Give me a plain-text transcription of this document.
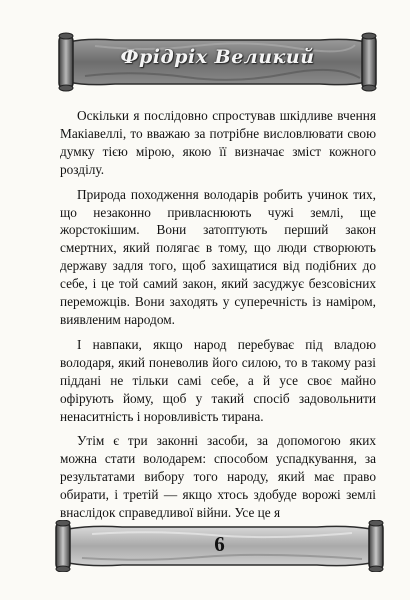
Фрідріх Великий

Оскільки я послідовно спростував шкідливе вчення Макіавеллі, то вважаю за потрібне висловлювати свою думку тією мірою, якою її визначає зміст кожного розділу.

Природа походження володарів робить учинок тих, що незаконно привласнюють чужі землі, ще жорстокішим. Вони затоптують перший закон смертних, який полягає в тому, що люди створюють державу задля того, щоб захищатися від подібних до себе, і це той самий закон, який засуджує безсовісних переможців. Вони заходять у суперечність із наміром, виявленим народом.

І навпаки, якщо народ перебуває під владою володаря, який поневолив його силою, то в такому разі піддані не тільки самі себе, а й усе своє майно офірують йому, щоб у такий спосіб задовольнити ненаситність і норовливість тирана.

Утім є три законні засоби, за допомогою яких можна стати володарем: способом успадкування, за результатами вибору того народу, який має право обирати, і третій — якщо хтось здобуде ворожі землі внаслідок справедливої війни. Усе це я

6
